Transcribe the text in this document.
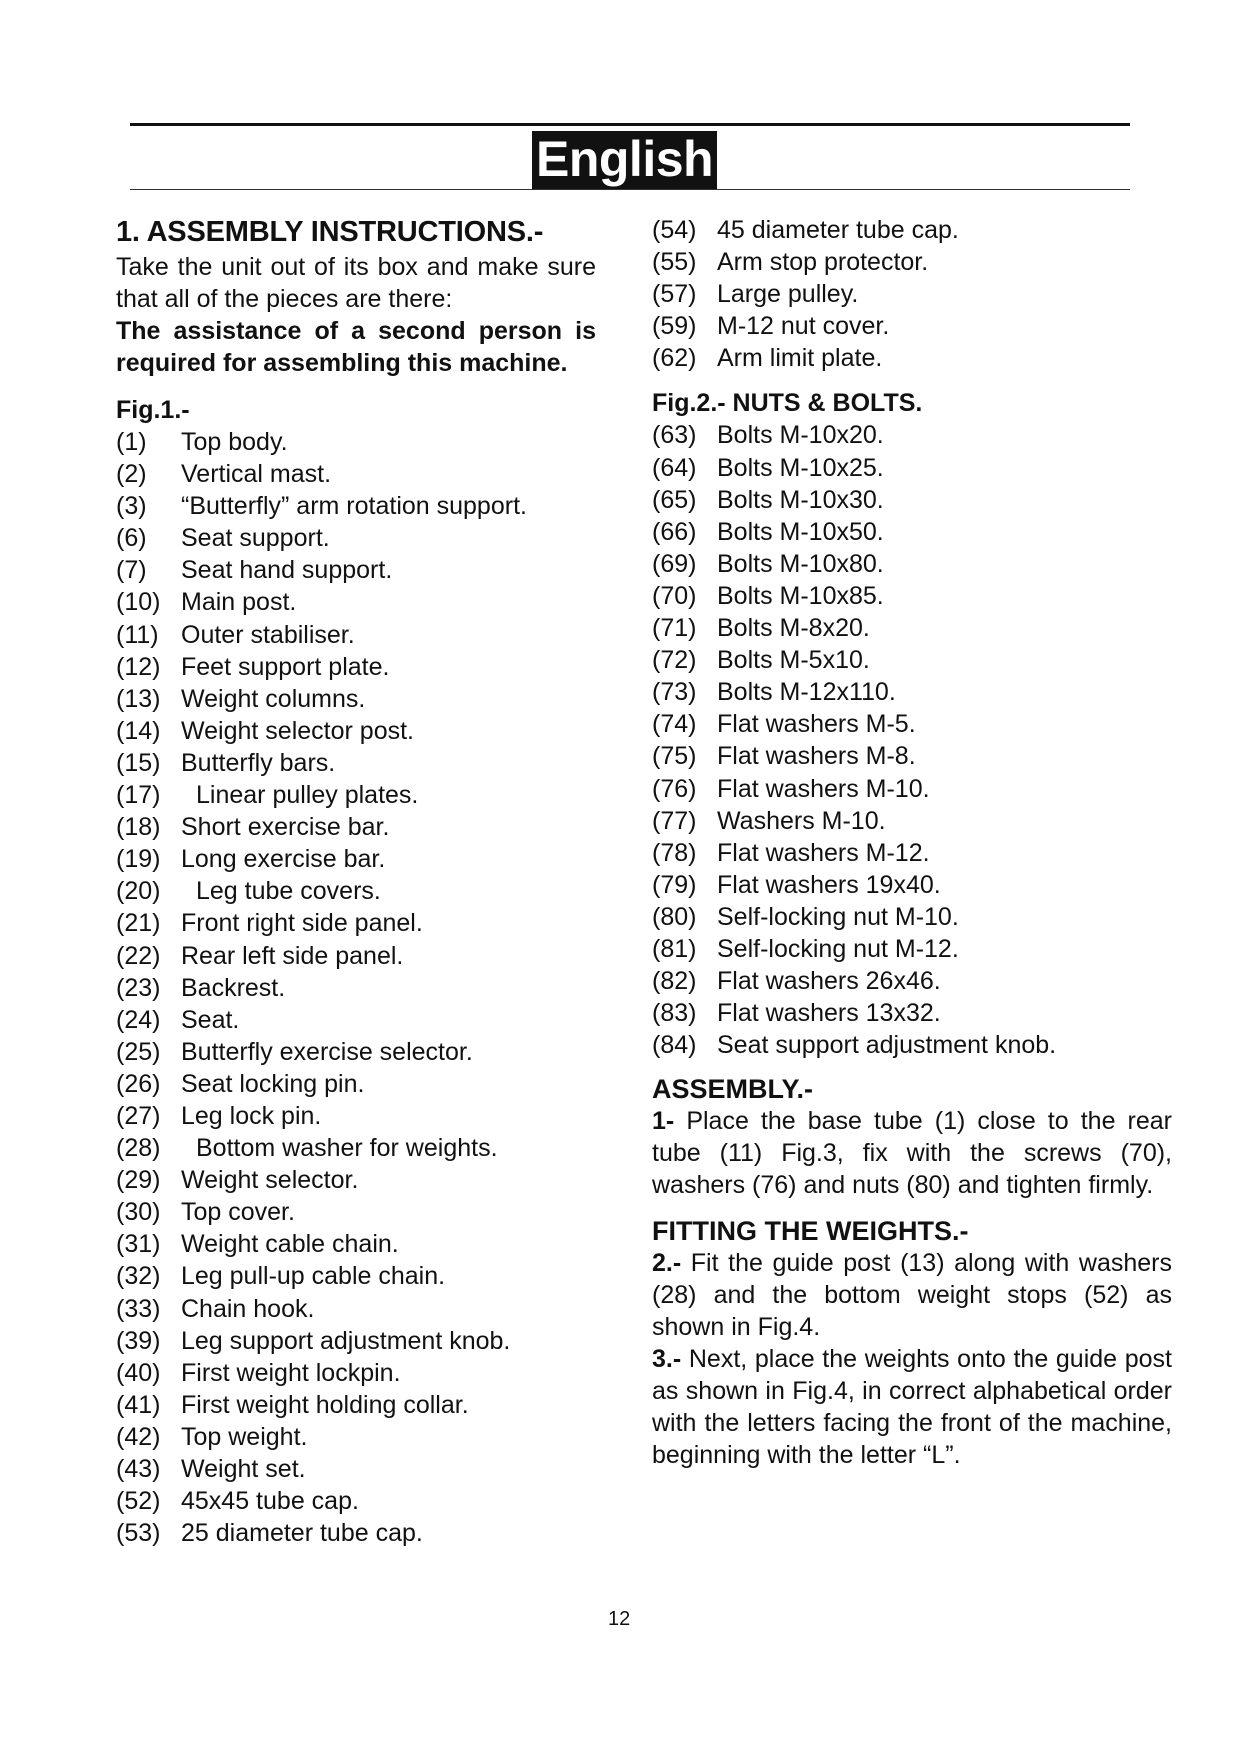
English
1. ASSEMBLY INSTRUCTIONS.-

Take the unit out of its box and make sure that all of the pieces are there:

The assistance of a second person is required for assembling this machine.

Fig.1.-
(1) Top body.
(2) Vertical mast.
(3) “Butterfly” arm rotation support.
(6) Seat support.
(7) Seat hand support.
(10) Main post.
(11) Outer stabiliser.
(12) Feet support plate.
(13) Weight columns.
(14) Weight selector post.
(15) Butterfly bars.
(17) Linear pulley plates.
(18) Short exercise bar.
(19) Long exercise bar.
(20) Leg tube covers.
(21) Front right side panel.
(22) Rear left side panel.
(23) Backrest.
(24) Seat.
(25) Butterfly exercise selector.
(26) Seat locking pin.
(27) Leg lock pin.
(28) Bottom washer for weights.
(29) Weight selector.
(30) Top cover.
(31) Weight cable chain.
(32) Leg pull-up cable chain.
(33) Chain hook.
(39) Leg support adjustment knob.
(40) First weight lockpin.
(41) First weight holding collar.
(42) Top weight.
(43) Weight set.
(52) 45x45 tube cap.
(53) 25 diameter tube cap.
(54) 45 diameter tube cap.
(55) Arm stop protector.
(57) Large pulley.
(59) M-12 nut cover.
(62) Arm limit plate.
Fig.2.- NUTS & BOLTS.
(63) Bolts M-10x20.
(64) Bolts M-10x25.
(65) Bolts M-10x30.
(66) Bolts M-10x50.
(69) Bolts M-10x80.
(70) Bolts M-10x85.
(71) Bolts M-8x20.
(72) Bolts M-5x10.
(73) Bolts M-12x110.
(74) Flat washers M-5.
(75) Flat washers M-8.
(76) Flat washers M-10.
(77) Washers M-10.
(78) Flat washers M-12.
(79) Flat washers 19x40.
(80) Self-locking nut M-10.
(81) Self-locking nut M-12.
(82) Flat washers 26x46.
(83) Flat washers 13x32.
(84) Seat support adjustment knob.
ASSEMBLY.-

1- Place the base tube (1) close to the rear tube (11) Fig.3, fix with the screws (70), washers (76) and nuts (80) and tighten firmly.

FITTING THE WEIGHTS.-

2.- Fit the guide post (13) along with washers (28) and the bottom weight stops (52) as shown in Fig.4.

3.- Next, place the weights onto the guide post as shown in Fig.4, in correct alphabetical order with the letters facing the front of the machine, beginning with the letter “L”.

12
